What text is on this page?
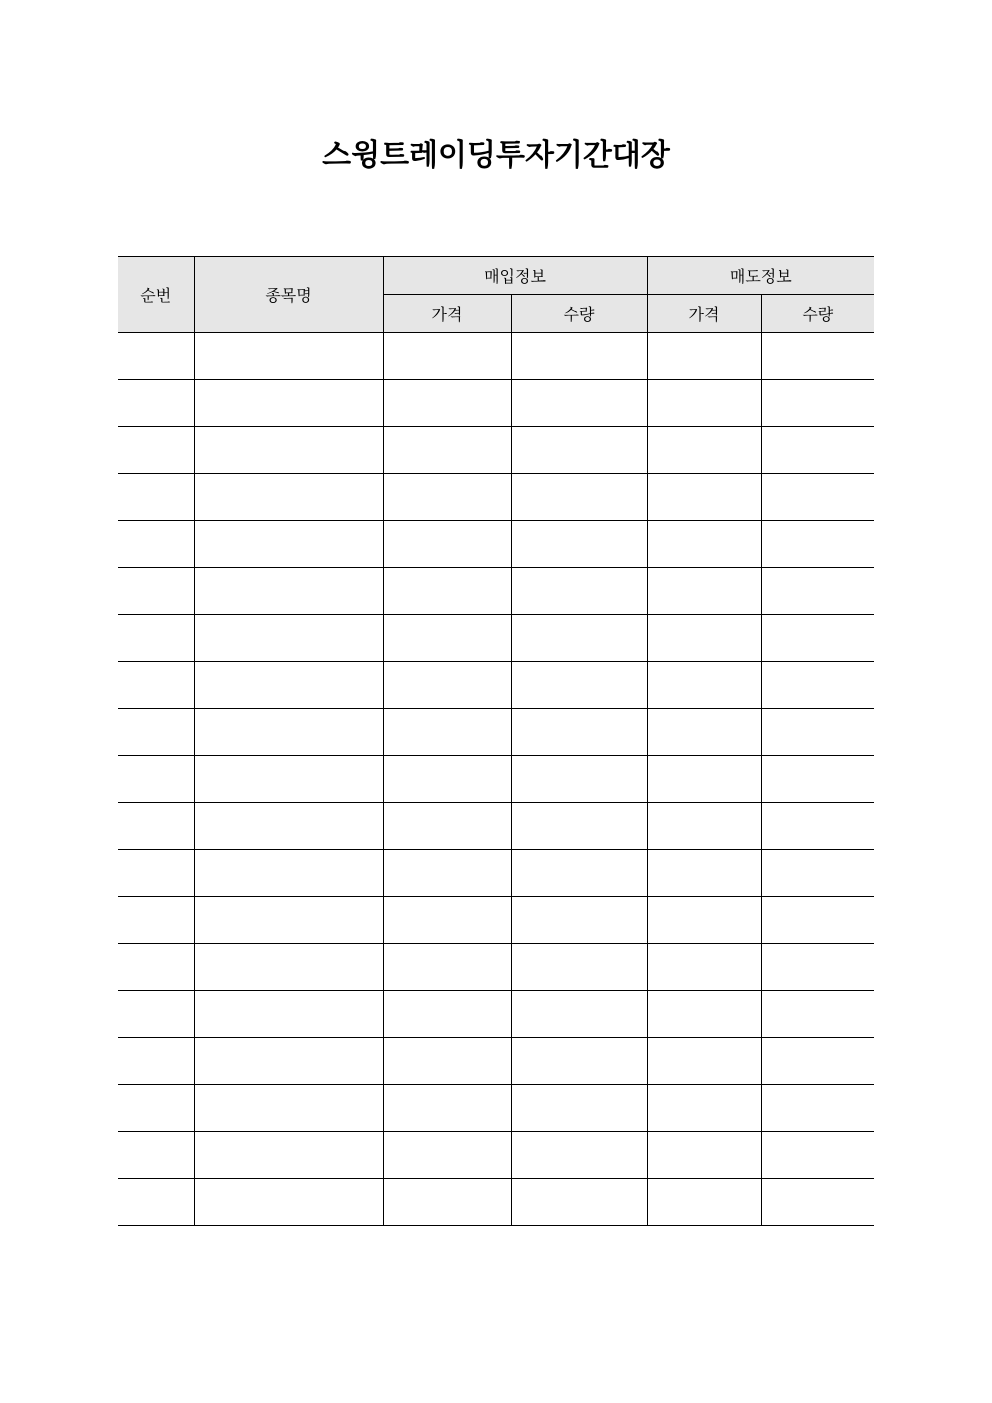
스윙트레이딩투자기간대장
순번	종목명	매입정보		매도정보	
		가격	수량	가격	수량
